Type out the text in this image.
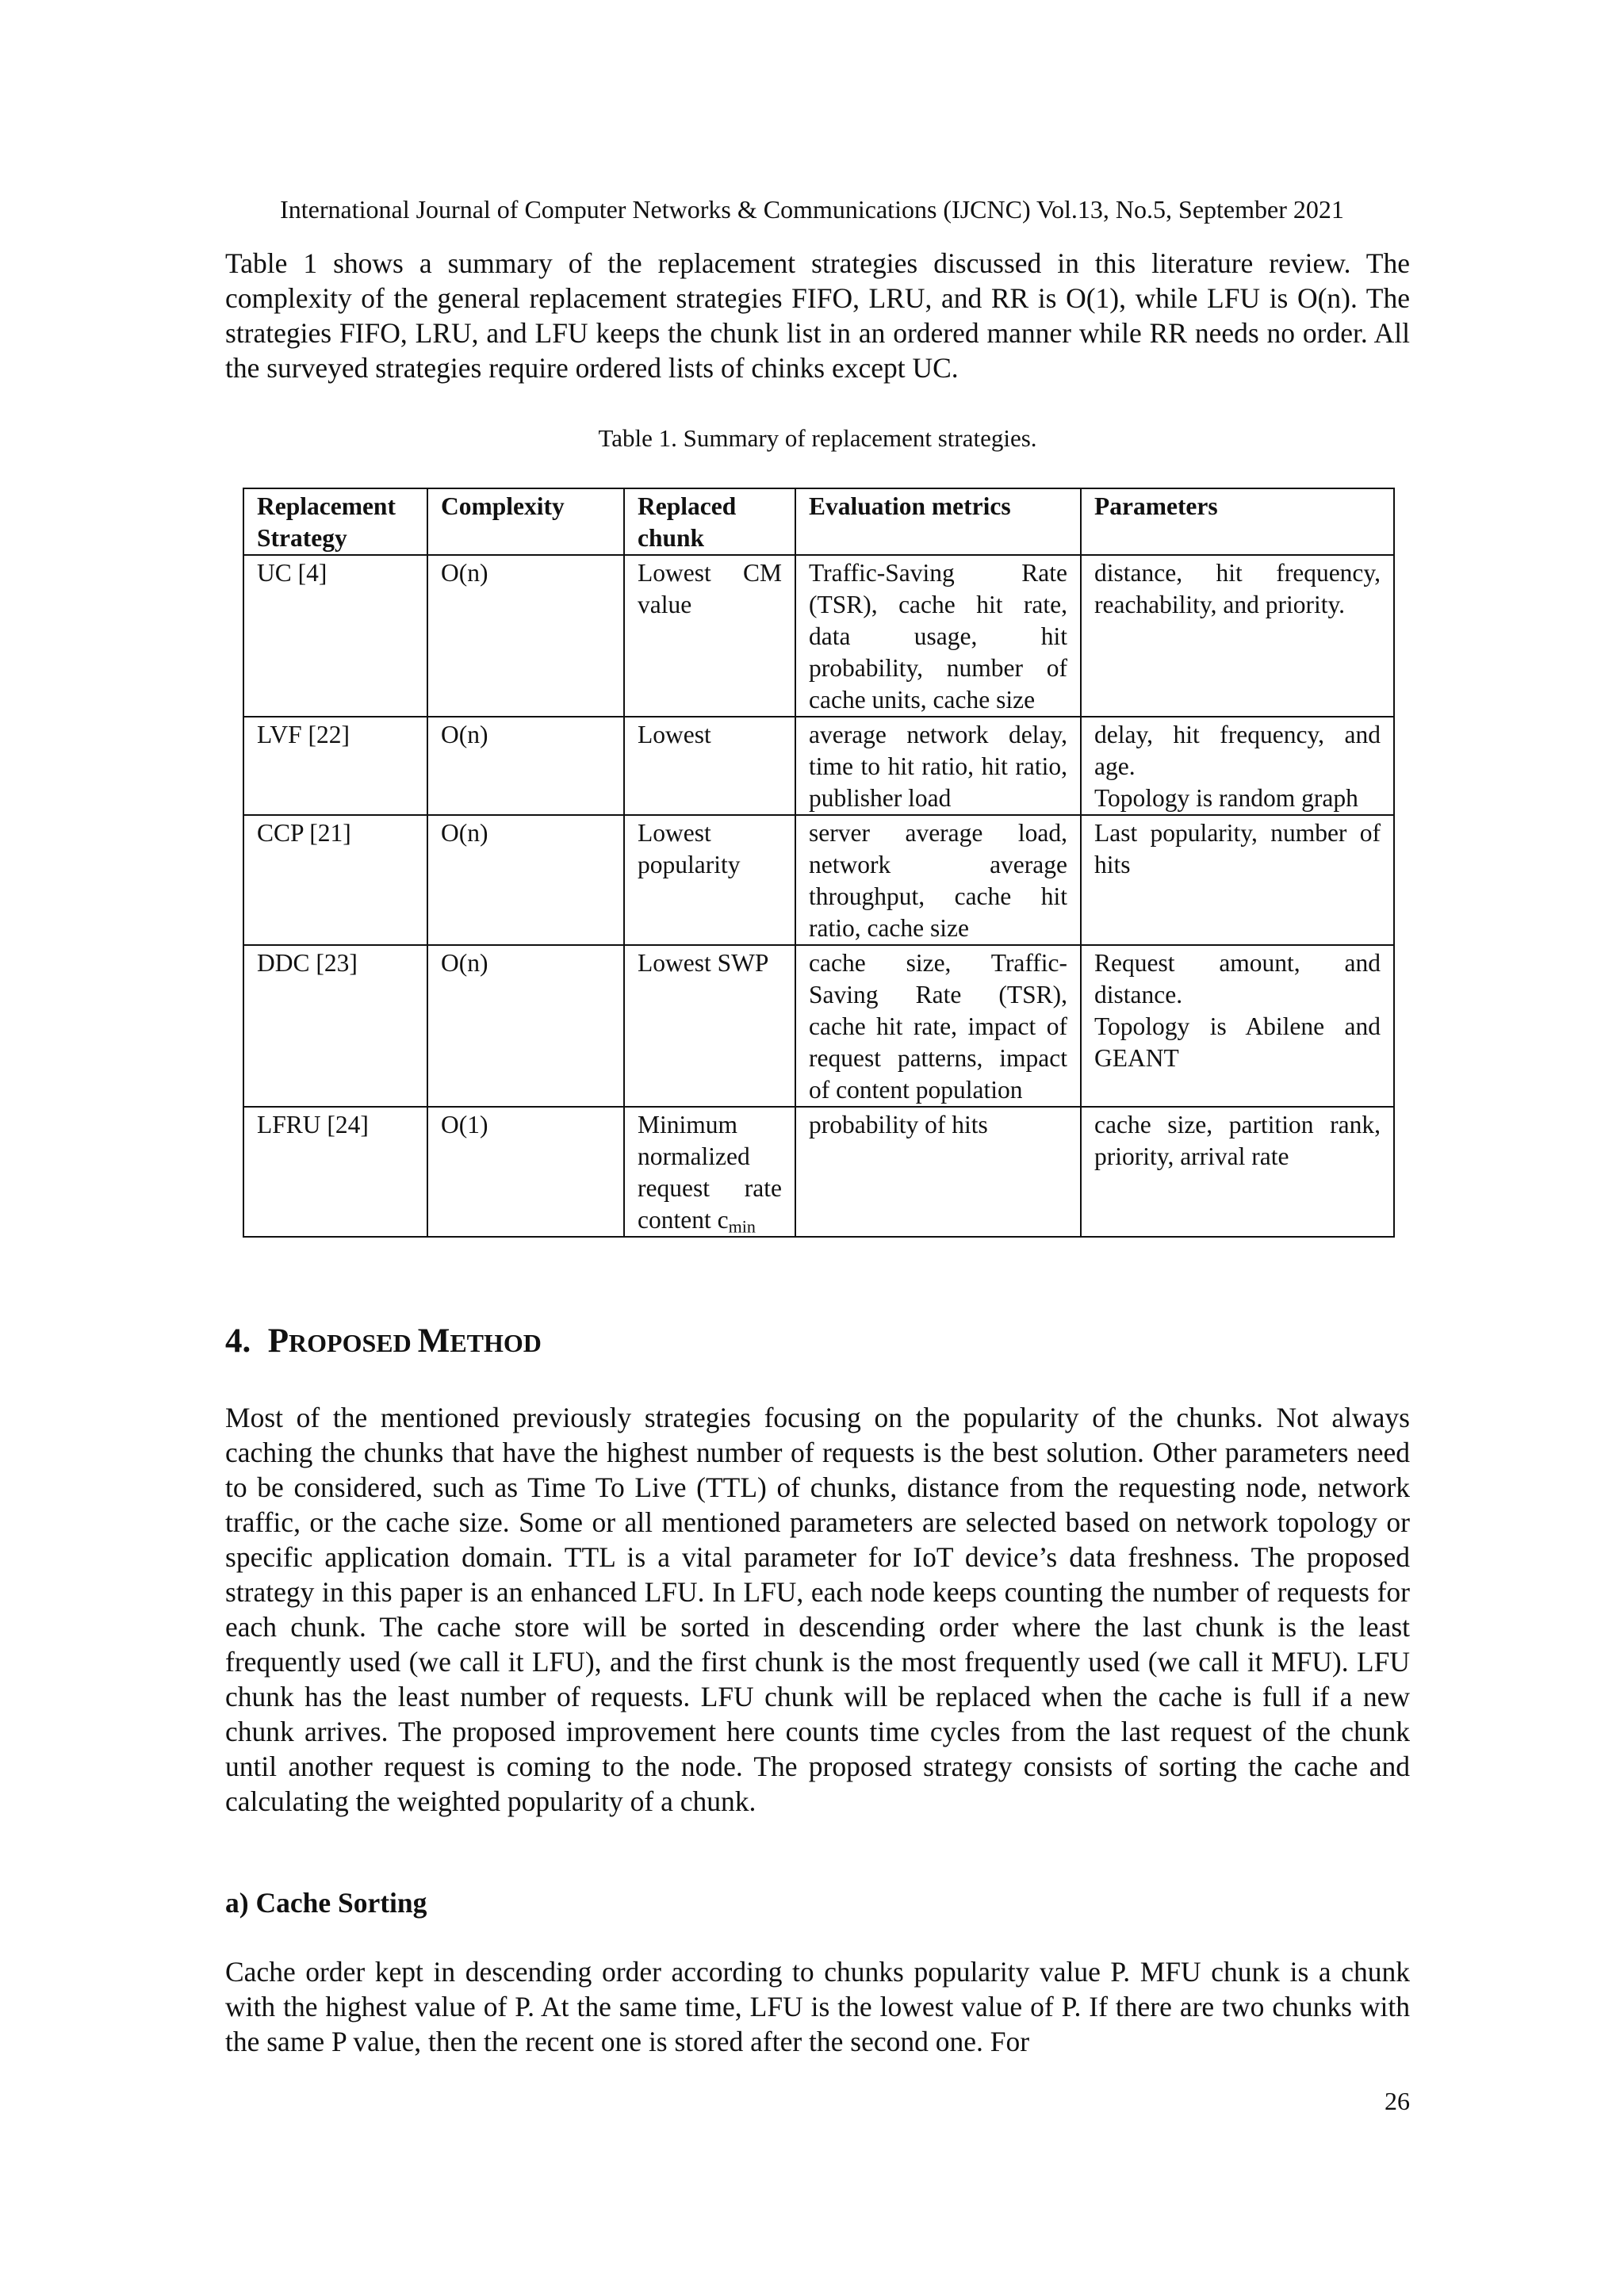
International Journal of Computer Networks & Communications (IJCNC) Vol.13, No.5, September 2021

Table 1 shows a summary of the replacement strategies discussed in this literature review. The complexity of the general replacement strategies FIFO, LRU, and RR is O(1), while LFU is O(n). The strategies FIFO, LRU, and LFU keeps the chunk list in an ordered manner while RR needs no order. All the surveyed strategies require ordered lists of chinks except UC.

Table 1. Summary of replacement strategies.
Replacement Strategy	Complexity	Replaced chunk	Evaluation metrics	Parameters
UC [4]	O(n)	Lowest CM value	Traffic-Saving Rate (TSR), cache hit rate, data usage, hit probability, number of cache units, cache size	distance, hit frequency, reachability, and priority.
LVF [22]	O(n)	Lowest	average network delay, time to hit ratio, hit ratio, publisher load	delay, hit frequency, and age.
Topology is random graph

CCP [21]	O(n)	Lowest popularity	server average load, network average throughput, cache hit ratio, cache size	Last popularity, number of hits
DDC [23]	O(n)	Lowest SWP	cache size, Traffic-Saving Rate (TSR), cache hit rate, impact of request patterns, impact of content population	Request amount, and distance.
Topology is Abilene and GEANT

LFRU [24]	O(1)	Minimum normalized request rate content $c_{min}$	probability of hits	cache size, partition rank, priority, arrival rate
4. PROPOSED METHOD

Most of the mentioned previously strategies focusing on the popularity of the chunks. Not always caching the chunks that have the highest number of requests is the best solution. Other parameters need to be considered, such as Time To Live (TTL) of chunks, distance from the requesting node, network traffic, or the cache size. Some or all mentioned parameters are selected based on network topology or specific application domain. TTL is a vital parameter for IoT device’s data freshness. The proposed strategy in this paper is an enhanced LFU. In LFU, each node keeps counting the number of requests for each chunk. The cache store will be sorted in descending order where the last chunk is the least frequently used (we call it LFU), and the first chunk is the most frequently used (we call it MFU). LFU chunk has the least number of requests. LFU chunk will be replaced when the cache is full if a new chunk arrives. The proposed improvement here counts time cycles from the last request of the chunk until another request is coming to the node. The proposed strategy consists of sorting the cache and calculating the weighted popularity of a chunk.

a) Cache Sorting

Cache order kept in descending order according to chunks popularity value P. MFU chunk is a chunk with the highest value of P. At the same time, LFU is the lowest value of P. If there are two chunks with the same P value, then the recent one is stored after the second one. For

26
